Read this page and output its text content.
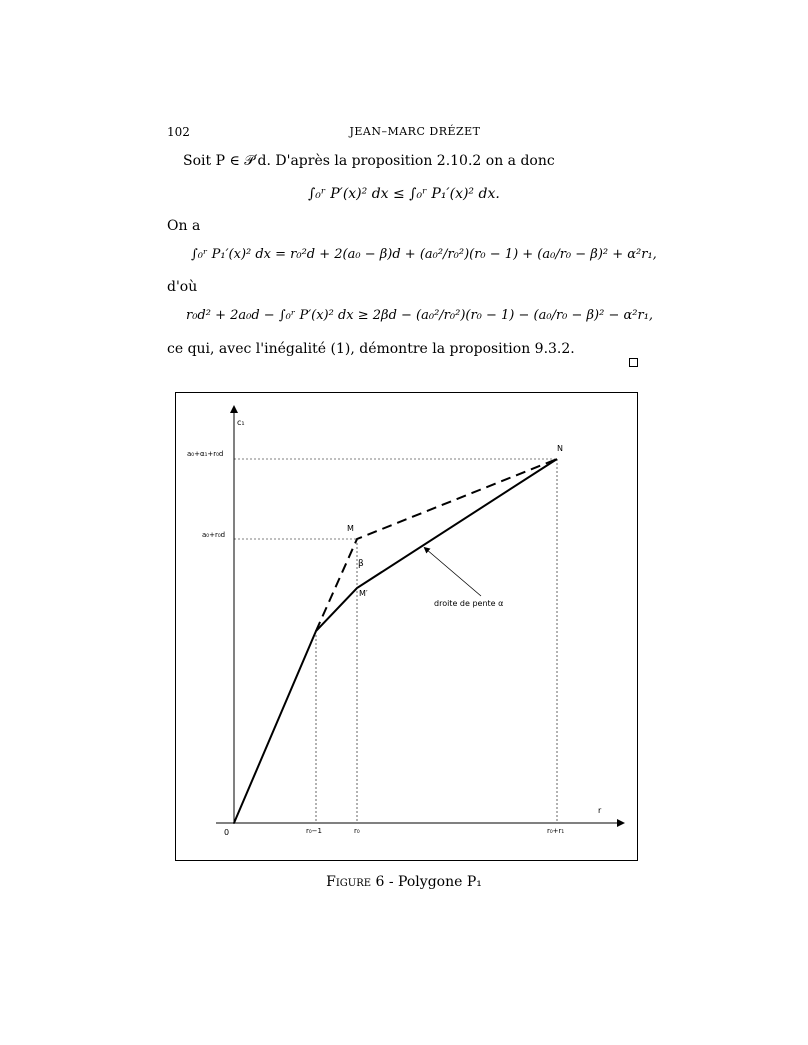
102	JEAN–MARC DRÉZET
Soit P ∈ 𝒫′d. D'après la proposition 2.10.2 on a donc
∫₀ʳ P′(x)² dx ≤ ∫₀ʳ P₁′(x)² dx.
On a
∫₀ʳ P₁′(x)² dx = r₀²d + 2(a₀ − β)d + (a₀²/r₀²)(r₀ − 1) + (a₀/r₀ − β)² + α²r₁,
d'où
r₀d² + 2a₀d − ∫₀ʳ P′(x)² dx ≥ 2βd − (a₀²/r₀²)(r₀ − 1) − (a₀/r₀ − β)² − α²r₁,
ce qui, avec l'inégalité (1), démontre la proposition 9.3.2.
c₁
r
0
a₀+α₁+r₀d
a₀+r₀d
r₀−1	r₀	r₀+r₁
N
M
M′
β
droite de pente α
Figure 6 - Polygone P₁
